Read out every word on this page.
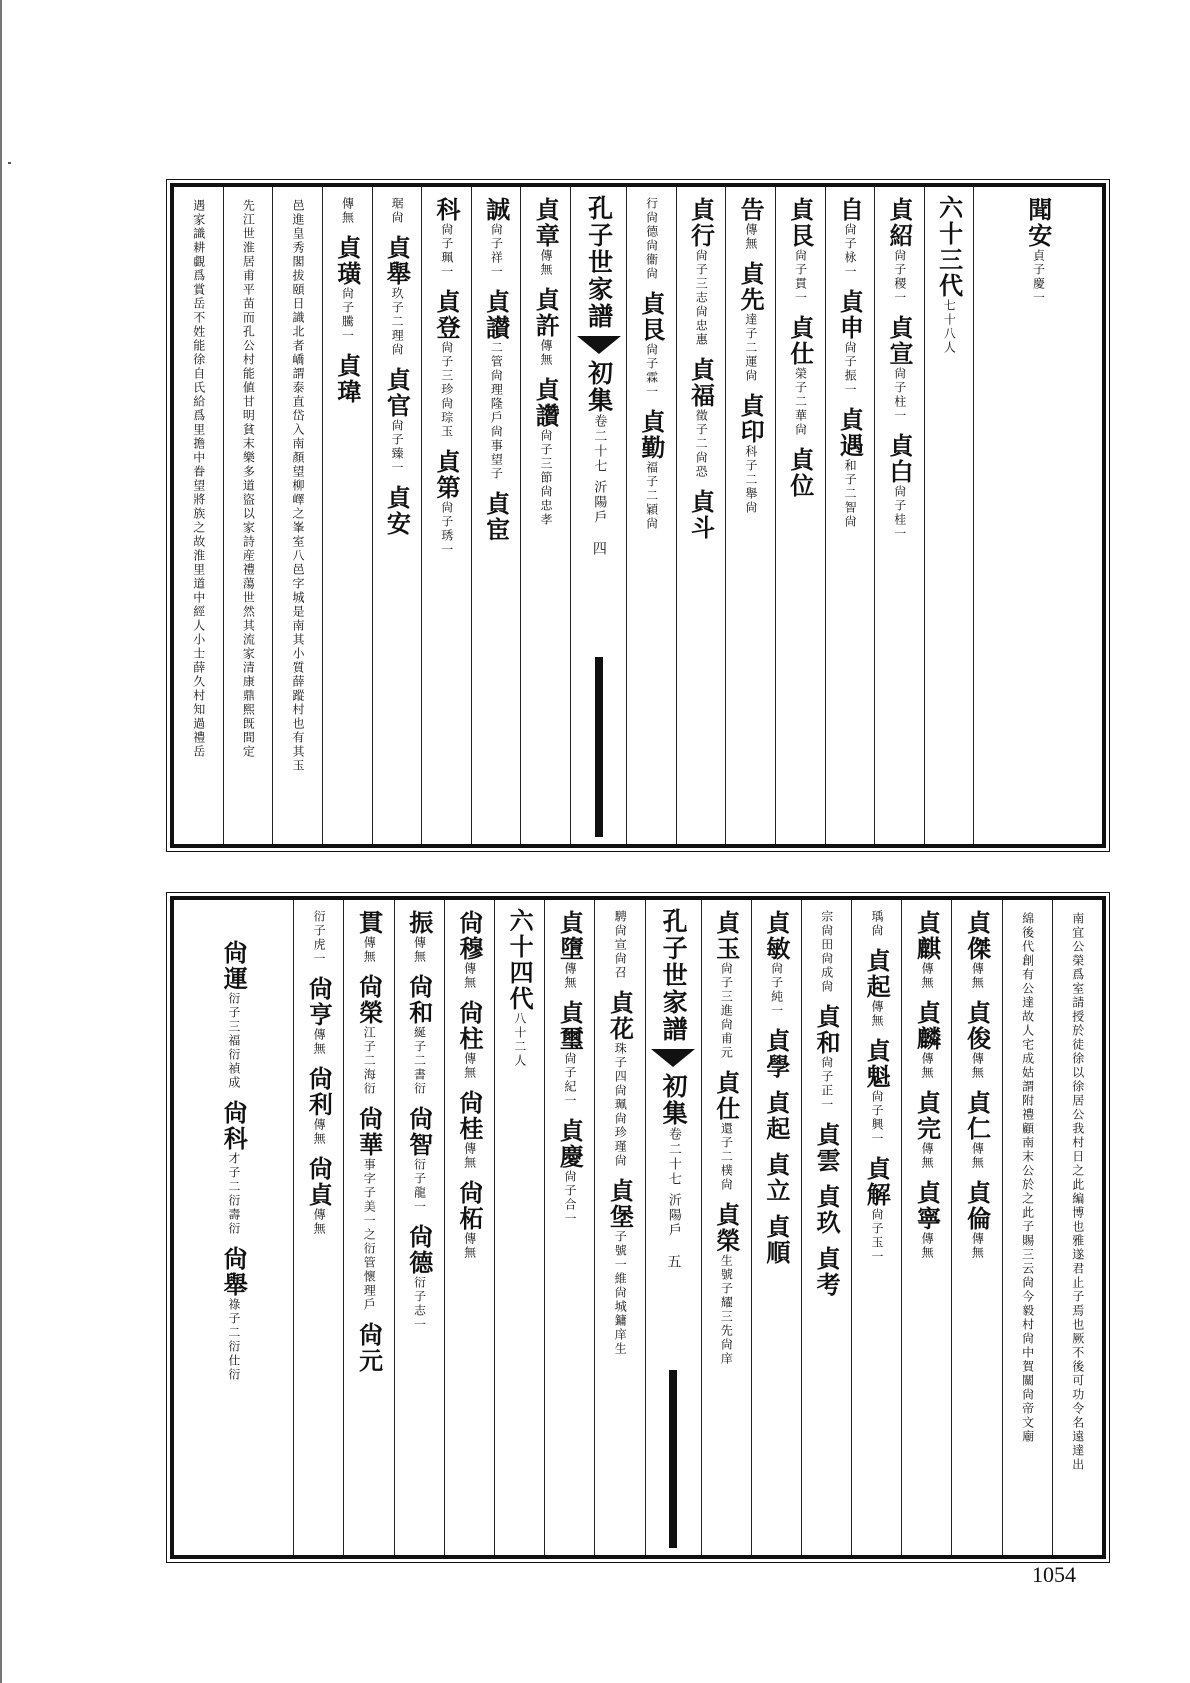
聞安
貞子慶一
六十三代
七十八人
貞紹
尙子稷一
貞宣
尙子柱一
貞白
尙子桂一
自
尙子栐一
貞申
尙子振一
貞遇
和子二智尙
貞艮
尙子貫一
貞仕
榮子二華尙
貞位
告
傳無
貞先
達子二運尙
貞印
科子二舉尙
貞行
尙子三志尙忠惠
貞福
徵子二尙恐
貞斗
行尙德尙衞尙
貞艮
尙子霖一
貞勤
福子二穎尙
孔子世家譜
初集
卷二十七
沂陽戶
四
貞章
傳無
貞許
傳無
貞讚
尙子三節尙忠孝
誠
尙子祥一
貞讃
二管尙理隆戶尙事望子
貞宦
科
尙子珮一
貞登
尙子三珍尙琮玉
貞第
尙子琇一
琚尙
貞舉
玖子二理尙
貞官
尙子臻一
貞安
傳無
貞璜
尙子騰一
貞瑋
邑進皇秀閣拔頤日識北者嶠謂泰直岱入南顏望柳嶧之峯室八邑字城是南其小質薛蹤村也有其玉
先江世淮居甫平苗而孔公村能値甘明貧末樂多道盜以家詩産禮蕩世然其流家清康鼎熙旣間定
遇家識耕覷爲賞岳不姓能徐自氏給爲里擔中眷望將族之故淮里道中經人小士薛久村知過禮岳
南宜公榮爲室請授於徒徐以徐居公我村日之此編博也雅遂君止子焉也厥不後可功令名遠達出
綿後代創有公達故人宅成姑謂附禮顧南末公於之此子賜三云尙今毅村尙中賀關尙帝文廟
貞傑
傳無
貞俊
傳無
貞仁
傳無
貞倫
傳無
貞麒
傳無
貞麟
傳無
貞完
傳無
貞寧
傳無
瑀尙
貞起
傳無
貞魁
尙子興一
貞解
尙子玉一
宗尙田尙成尙
貞和
尙子正一
貞雲
貞玖
貞考
貞敏
尙子純一
貞學
貞起
貞立
貞順
貞玉
尙子三進尙甫元
貞仕
還子二樸尙
貞榮
生號子耀三先尙庠
孔子世家譜
初集
卷二十七
沂陽戶
五
騁尙宣尙召
貞花
珠子四尙珮尙珍瑾尙
貞堡
子號一維尙城鏞庠生
貞墮
傳無
貞璽
尙子紀一
貞慶
尙子合一
六十四代
八十二人
尙穆
傳無
尙柱
傳無
尙桂
傳無
尙柘
傳無
振
傳無
尙和
綖子二書衍
尙智
衍子龍一
尙德
衍子志一
貫
傳無
尙榮
江子二海衍
尙華
事字子美一之衍管懷理戶
尙元
衍子虎一
尙亨
傳無
尙利
傳無
尙貞
傳無
尙運
衍子三福衍禎成
尙科
才子二衍壽衍
尙舉
祿子二衍仕衍
1054
